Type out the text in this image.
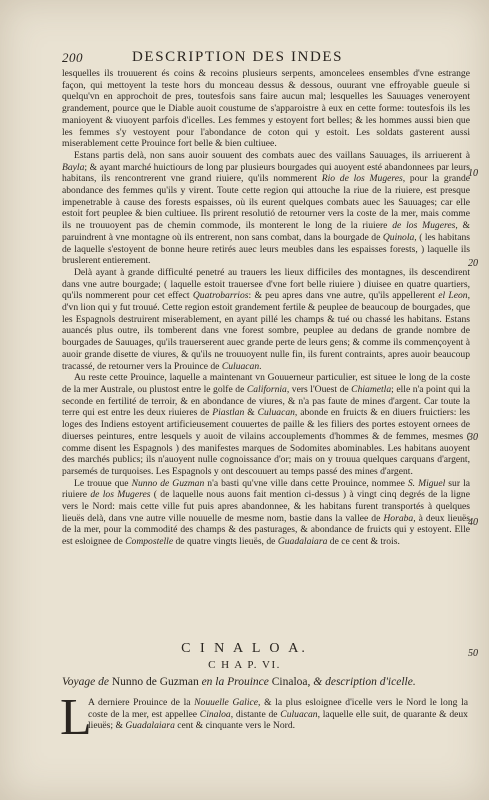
200	DESCRIPTION DES INDES

lesquelles ils trouuerent és coins & recoins plusieurs serpents, amoncelees ensembles d'vne estrange façon, qui mettoyent la teste hors du monceau dessus & dessous, ouurant vne effroyable gueule si quelqu'vn en approchoit de pres, toutesfois sans faire aucun mal; lesquelles les Sauuages veneroyent grandement, pource que le Diable auoit coustume de s'apparoistre à eux en cette forme: toutesfois ils les manioyent & viuoyent parfois d'icelles. Les femmes y estoyent fort belles; & les hommes aussi bien que les femmes s'y vestoyent pour l'abondance de coton qui y estoit. Les soldats gasterent aussi miserablement cette Prouince fort belle & bien cultiuee.

Estans partis delà, non sans auoir souuent des combats auec des vaillans Sauuages, ils arriuerent à Bayla; & ayant marché huictiours de long par plusieurs bourgades qui auoyent esté abandonnees par leurs habitans, ils rencontrerent vne grand riuiere, qu'ils nommerent Rio de los Mugeres, pour la grande abondance des femmes qu'ils y virent. Toute cette region qui attouche la riue de la riuiere, est presque impenetrable à cause des forests espaisses, où ils eurent quelques combats auec les Sauuages; car elle estoit fort peuplee & bien cultiuee. Ils prirent resolutió de retourner vers la coste de la mer, mais comme ils ne trouuoyent pas de chemin commode, ils monterent le long de la riuiere de los Mugeres, & paruindrent à vne montagne où ils entrerent, non sans combat, dans la bourgade de Quinola, ( les habitans de laquelle s'estoyent de bonne heure retirés auec leurs meubles dans les espaisses forests, ) laquelle ils bruslerent entierement.

Delà ayant à grande difficulté penetré au trauers les lieux difficiles des montagnes, ils descendirent dans vne autre bourgade; ( laquelle estoit trauersee d'vne fort belle riuiere ) diuisee en quatre quartiers, qu'ils nommerent pour cet effect Quatrobarrios: & peu apres dans vne autre, qu'ils appellerent el Leon, d'vn lion qui y fut trouué. Cette region estoit grandement fertile & peuplee de beaucoup de bourgades, que les Espagnols destruirent miserablement, en ayant pillé les champs & tué ou chassé les habitans. Estans auancés plus outre, ils tomberent dans vne forest sombre, peuplee au dedans de grande nombre de bourgades de Sauuages, qu'ils trauerserent auec grande perte de leurs gens; & comme ils commençoyent à auoir grande disette de viures, & qu'ils ne trouuoyent nulle fin, ils furent contraints, apres auoir beaucoup tracassé, de retourner vers la Prouince de Culuacan.

Au reste cette Prouince, laquelle a maintenant vn Gouuerneur particulier, est situee le long de la coste de la mer Australe, ou plustost entre le golfe de California, vers l'Ouest de Chiametla; elle n'a point qui la seconde en fertilité de terroir, & en abondance de viures, & n'a pas faute de mines d'argent. Car toute la terre qui est entre les deux riuieres de Piastlan & Culuacan, abonde en fruicts & en diuers fruictiers: les loges des Indiens estoyent artificieusement couuertes de paille & les filiers des portes estoyent ornees de diuerses peintures, entre lesquels y auoit de vilains accouplements d'hommes & de femmes, mesmes ( comme disent les Espagnols ) des manifestes marques de Sodomites abominables. Les habitans auoyent des marchés publics; ils n'auoyent nulle cognoissance d'or; mais on y trouua quelques carquans d'argent, parsemés de turquoises. Les Espagnols y ont descouuert au temps passé des mines d'argent.

Le trouue que Nunno de Guzman n'a basti qu'vne ville dans cette Prouince, nommee S. Miguel sur la riuiere de los Mugeres ( de laquelle nous auons fait mention ci-dessus ) à vingt cinq degrés de la ligne vers le Nord: mais cette ville fut puis apres abandonnee, & les habitans furent transportés à quelques lieuës delà, dans vne autre ville nouuelle de mesme nom, bastie dans la vallee de Horaba, à deux lieuës de la mer, pour la commodité des champs & des pasturages, & abondance de fruicts qui y estoyent. Elle est esloignee de Compostelle de quatre vingts lieuës, de Guadalaiara de ce cent & trois.

10
20
30
40
50
C I N A L O A.
C H A P. VI.
Voyage de Nunno de Guzman en la Prouince Cinaloa, & description d'icelle.
L
A derniere Prouince de la Nouuelle Galice, & la plus esloignee d'icelle vers le Nord le long la coste de la mer, est appellee Cinaloa, distante de Culuacan, laquelle elle suit, de quarante & deux lieuës; & Guadalaiara cent & cinquante vers le Nord.
